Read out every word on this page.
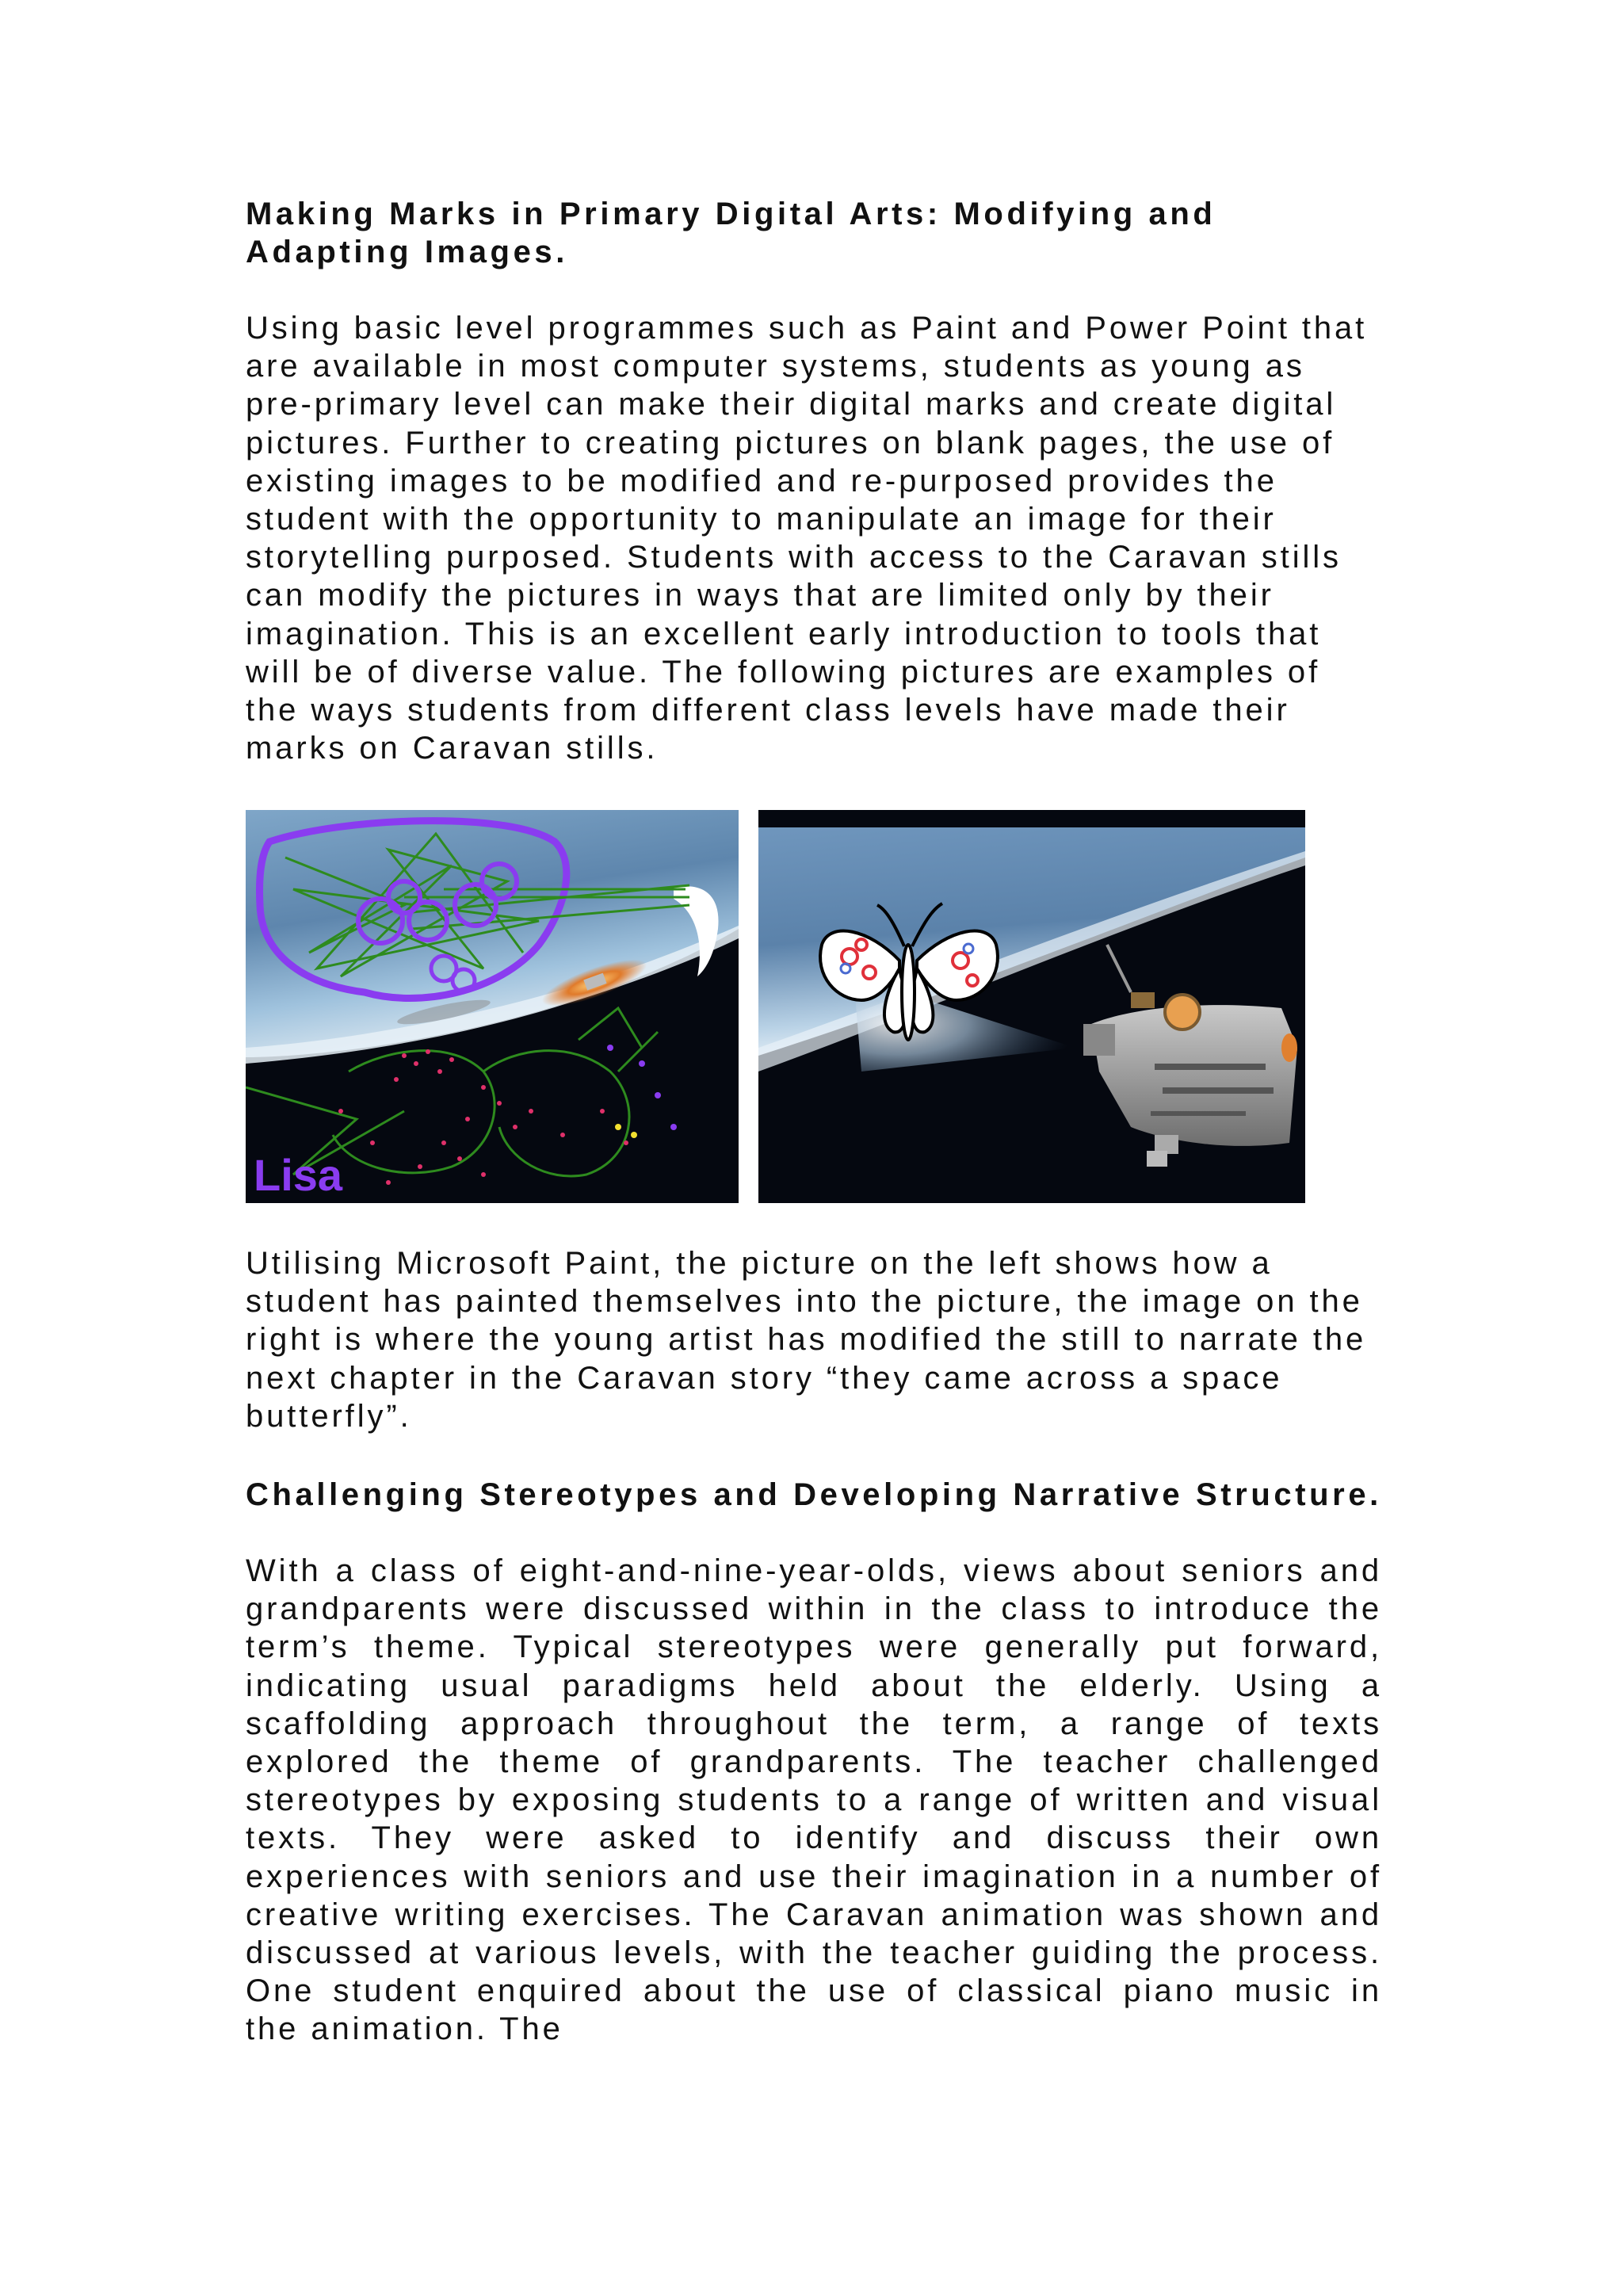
Making Marks in Primary Digital Arts: Modifying and Adapting Images.

Using basic level programmes such as Paint and Power Point that are available in most computer systems, students as young as pre-primary level can make their digital marks and create digital pictures. Further to creating pictures on blank pages, the use of existing images to be modified and re-purposed provides the student with the opportunity to manipulate an image for their storytelling purposed. Students with access to the Caravan stills can modify the pictures in ways that are limited only by their imagination. This is an excellent early introduction to tools that will be of diverse value. The following pictures are examples of the ways students from different class levels have made their marks on Caravan stills.

Lisa

Utilising Microsoft Paint, the picture on the left shows how a student has painted themselves into the picture, the image on the right is where the young artist has modified the still to narrate the next chapter in the Caravan story “they came across a space butterfly”.

Challenging Stereotypes and Developing Narrative Structure.

With a class of eight-and-nine-year-olds, views about seniors and grandparents were discussed within in the class to introduce the term’s theme. Typical stereotypes were generally put forward, indicating usual paradigms held about the elderly. Using a scaffolding approach throughout the term, a range of texts explored the theme of grandparents. The teacher challenged stereotypes by exposing students to a range of written and visual texts. They were asked to identify and discuss their own experiences with seniors and use their imagination in a number of creative writing exercises. The Caravan animation was shown and discussed at various levels, with the teacher guiding the process. One student enquired about the use of classical piano music in the animation. The
